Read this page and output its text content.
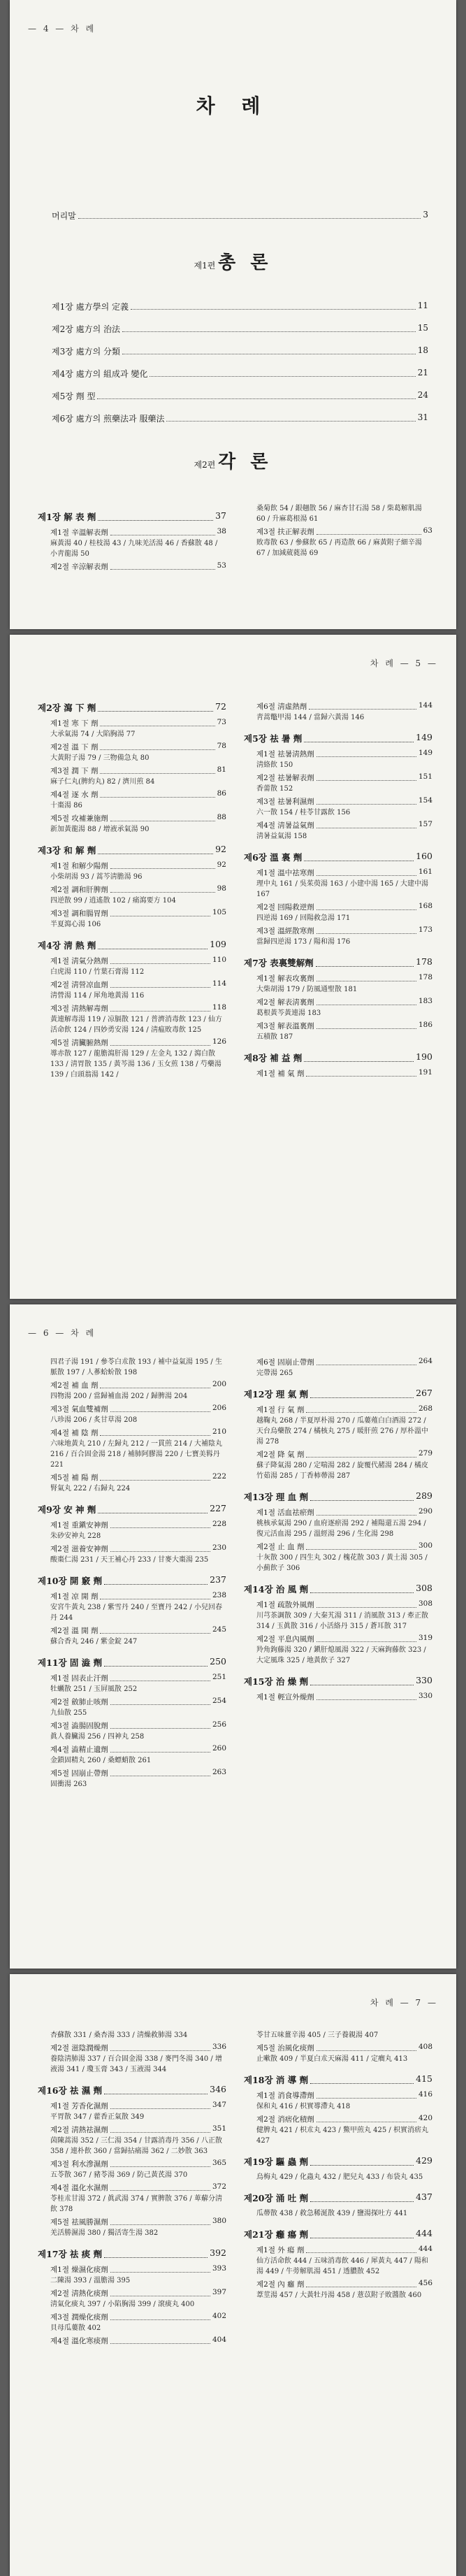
— 4 — 차 례
차 례
머리말	3
제1편 총 론
제1장 處方學의 定義	11
제2장 處方의 治法	15
제3장 處方의 分類	18
제4장 處方의 組成과 變化	21
제5장 劑 型	24
제6장 處方의 煎藥法과 服藥法	31
제2편 각 론
제1장 解 表 劑	37
제1절 辛溫解表劑	38
麻黃湯 40 / 桂枝湯 43 / 九味羌活湯 46 / 香蘇散 48 / 小靑龍湯 50
제2절 辛涼解表劑	53
桑菊飮 54 / 銀翹散 56 / 麻杏甘石湯 58 / 柴葛解肌湯 60 / 升麻葛根湯 61
제3절 扶正解表劑	63
敗毒散 63 / 參蘇飮 65 / 再造散 66 / 麻黃附子細辛湯 67 / 加減葳蕤湯 69
차 례 — 5 —
제2장 瀉 下 劑	72
제1절 寒 下 劑	73
大承氣湯 74 / 大陷胸湯 77
제2절 溫 下 劑	78
大黃附子湯 79 / 三物備急丸 80
제3절 潤 下 劑	81
麻子仁丸(脾約丸) 82 / 濟川煎 84
제4절 逐 水 劑	86
十棗湯 86
제5절 攻補兼施劑	88
新加黃龍湯 88 / 增液承氣湯 90
제3장 和 解 劑	92
제1절 和解少陽劑	92
小柴胡湯 93 / 蒿芩淸膽湯 96
제2절 調和肝脾劑	98
四逆散 99 / 逍遙散 102 / 痛瀉要方 104
제3절 調和腸胃劑	105
半夏瀉心湯 106
제4장 淸 熱 劑	109
제1절 淸氣分熱劑	110
白虎湯 110 / 竹葉石膏湯 112
제2절 淸營凉血劑	114
淸營湯 114 / 犀角地黃湯 116
제3절 淸熱解毒劑	118
黃連解毒湯 119 / 凉膈散 121 / 普濟消毒飮 123 / 仙方活命飮 124 / 四妙勇安湯 124 / 淸瘟敗毒飮 125
제5절 淸臟腑熱劑	126
導赤散 127 / 龍膽瀉肝湯 129 / 左金丸 132 / 瀉白散 133 / 淸胃散 135 / 黃芩湯 136 / 玉女煎 138 / 芍藥湯 139 / 白頭翁湯 142 /
제6절 淸虛熱劑	144
靑蒿鼈甲湯 144 / 當歸六黃湯 146
제5장 祛 暑 劑	149
제1절 祛暑淸熱劑	149
淸絡飮 150
제2절 祛暑解表劑	151
香薷散 152
제3절 祛暑利濕劑	154
六一散 154 / 桂苓甘露飮 156
제4절 淸暑益氣劑	157
淸暑益氣湯 158
제6장 溫 裏 劑	160
제1절 溫中祛寒劑	161
理中丸 161 / 吳茱萸湯 163 / 小建中湯 165 / 大建中湯 167
제2절 回陽救逆劑	168
四逆湯 169 / 回陽救急湯 171
제3절 溫經散寒劑	173
當歸四逆湯 173 / 陽和湯 176
제7장 表裏雙解劑	178
제1절 解表攻裏劑	178
大柴胡湯 179 / 防風通聖散 181
제2절 解表淸裏劑	183
葛根黃芩黃連湯 183
제3절 解表溫裏劑	186
五積散 187
제8장 補 益 劑	190
제1절 補 氣 劑	191
— 6 — 차 례
四君子湯 191 / 參苓白朮散 193 / 補中益氣湯 195 / 生脈散 197 / 人蔘蛤蚧散 198
제2절 補 血 劑	200
四物湯 200 / 當歸補血湯 202 / 歸脾湯 204
제3절 氣血雙補劑	206
八珍湯 206 / 炙甘草湯 208
제4절 補 陰 劑	210
六味地黃丸 210 / 左歸丸 212 / 一貫煎 214 / 大補陰丸 216 / 百合固金湯 218 / 補肺阿膠湯 220 / 七寶美髥丹 221
제5절 補 陽 劑	222
腎氣丸 222 / 右歸丸 224
제9장 安 神 劑	227
제1절 重鎭安神劑	228
朱砂安神丸 228
제2절 滋養安神劑	230
酸棗仁湯 231 / 天王補心丹 233 / 甘麥大棗湯 235
제10장 開 竅 劑	237
제1절 凉 開 劑	238
安宮牛黃丸 238 / 紫雪丹 240 / 至寶丹 242 / 小兒回春丹 244
제2절 溫 開 劑	245
蘇合香丸 246 / 紫金錠 247
제11장 固 澁 劑	250
제1절 固表止汗劑	251
牡蠣散 251 / 玉屛風散 252
제2절 斂肺止咳劑	254
九仙散 255
제3절 澁腸固脫劑	256
眞人養臟湯 256 / 四神丸 258
제4절 澁精止遺劑	260
金鎖固精丸 260 / 桑螵蛸散 261
제5절 固崩止帶劑	263
固衝湯 263
제6절 固崩止帶劑	264
完帶湯 265
제12장 理 氣 劑	267
제1절 行 氣 劑	268
越鞠丸 268 / 半夏厚朴湯 270 / 瓜蔞薤白白酒湯 272 / 天台烏藥散 274 / 橘核丸 275 / 暖肝煎 276 / 厚朴溫中湯 278
제2절 降 氣 劑	279
蘇子降氣湯 280 / 定喘湯 282 / 旋覆代赭湯 284 / 橘皮竹茹湯 285 / 丁香柿蔕湯 287
제13장 理 血 劑	289
제1절 活血祛瘀劑	290
桃核承氣湯 290 / 血府逐瘀湯 292 / 補陽還五湯 294 / 復元活血湯 295 / 溫經湯 296 / 生化湯 298
제2절 止 血 劑	300
十灰散 300 / 四生丸 302 / 槐花散 303 / 黃土湯 305 / 小薊飮子 306
제14장 治 風 劑	308
제1절 疏散外風劑	308
川芎茶調散 309 / 大秦艽湯 311 / 消風散 313 / 牽正散 314 / 玉眞散 316 / 小活絡丹 315 / 蒼耳散 317
제2절 平息內風劑	319
羚角鉤藤湯 320 / 鎭肝熄風湯 322 / 天麻鉤藤飮 323 / 大定風珠 325 / 地黃飮子 327
제15장 治 燥 劑	330
제1절 輕宣外燥劑	330
차 례 — 7 —
杏蘇散 331 / 桑杏湯 333 / 淸燥救肺湯 334
제2절 滋陰潤燥劑	336
養陰淸肺湯 337 / 百合固金湯 338 / 麥門冬湯 340 / 增液湯 341 / 瓊玉膏 343 / 玉液湯 344
제16장 祛 濕 劑	346
제1절 芳香化濕劑	347
平胃散 347 / 藿香正氣散 349
제2절 淸熱祛濕劑	351
茵陳蒿湯 352 / 三仁湯 354 / 甘露消毒丹 356 / 八正散 358 / 連朴飮 360 / 當歸拈痛湯 362 / 二妙散 363
제3절 利水滲濕劑	365
五苓散 367 / 豬苓湯 369 / 防己黃芪湯 370
제4절 溫化水濕劑	372
苓桂朮甘湯 372 / 眞武湯 374 / 實脾散 376 / 萆薢分淸飮 378
제5절 祛風勝濕劑	380
羌活勝濕湯 380 / 獨活寄生湯 382
제17장 祛 痰 劑	392
제1절 燥濕化痰劑	393
二陳湯 393 / 溫膽湯 395
제2절 淸熱化痰劑	397
淸氣化痰丸 397 / 小陷胸湯 399 / 滾痰丸 400
제3절 潤燥化痰劑	402
貝母瓜蔞散 402
제4절 溫化寒痰劑	404
苓甘五味薑辛湯 405 / 三子養親湯 407
제5절 治風化痰劑	408
止嗽散 409 / 半夏白朮天麻湯 411 / 定癎丸 413
제18장 消 導 劑	415
제1절 消食導滯劑	416
保和丸 416 / 枳實導滯丸 418
제2절 消痞化積劑	420
健脾丸 421 / 枳朮丸 423 / 鱉甲煎丸 425 / 枳實消痞丸 427
제19장 驅 蟲 劑	429
烏梅丸 429 / 化蟲丸 432 / 肥兒丸 433 / 布袋丸 435
제20장 涌 吐 劑	437
瓜蔕散 438 / 救急稀涎散 439 / 鹽湯探吐方 441
제21장 癰 瘍 劑	444
제1절 外 瘍 劑	444
仙方活命飮 444 / 五味消毒飮 446 / 犀黃丸 447 / 陽和湯 449 / 牛蒡解肌湯 451 / 透膿散 452
제2절 內 癰 劑	456
葦莖湯 457 / 大黃牡丹湯 458 / 薏苡附子敗醬散 460
